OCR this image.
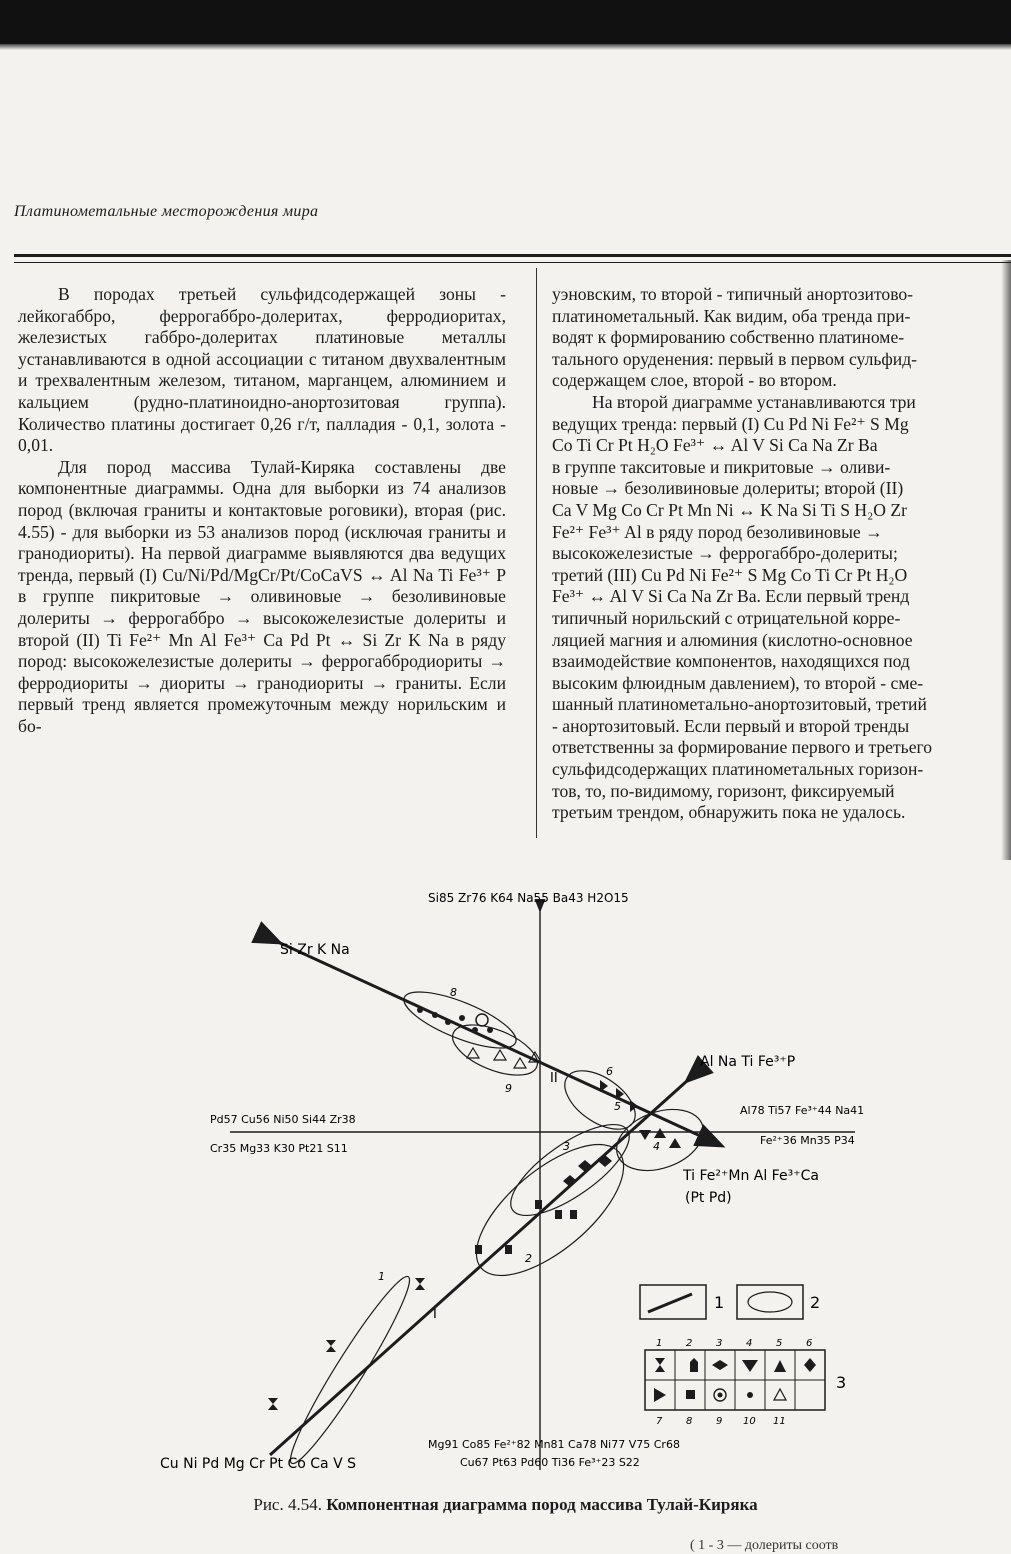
Платинометальные месторождения мира

В породах третьей сульфидсодержащей зоны - лейкогаббро, феррогаббро-долеритах, ферродиоритах, железистых габбро-долеритах платиновые металлы устанавливаются в одной ассоциации с титаном двухвалентным и трехвалентным железом, титаном, марганцем, алюминием и кальцием (рудно-платиноидно-анортозитовая группа). Количество платины достигает 0,26 г/т, палладия - 0,1, золота - 0,01.

Для пород массива Тулай-Киряка составлены две компонентные диаграммы. Одна для выборки из 74 анализов пород (включая граниты и контактовые роговики), вторая (рис. 4.55) - для выборки из 53 анализов пород (исключая граниты и гранодиориты). На первой диаграмме выявляются два ведущих тренда, первый (I) Cu/Ni/Pd/MgCr/Pt/CoCaVS ↔ Al Na Ti Fe³⁺ P в группе пикритовые → оливиновые → безоливиновые долериты → феррогаббро → высокожелезистые долериты и второй (II) Ti Fe²⁺ Mn Al Fe³⁺ Ca Pd Pt ↔ Si Zr K Na в ряду пород: высокожелезистые долериты → феррогаббродиориты → ферродиориты → диориты → гранодиориты → граниты. Если первый тренд является промежуточным между норильским и бо-

уэновским, то второй - типичный анортозитово-

платинометальный. Как видим, оба тренда при-

водят к формированию собственно платиноме-

тального оруденения: первый в первом сульфид-

содержащем слое, второй - во втором.

На второй диаграмме устанавливаются три

ведущих тренда: первый (I) Cu Pd Ni Fe²⁺ S Mg

Co Ti Cr Pt H₂O Fe³⁺ ↔ Al V Si Ca Na Zr Ba

в группе такситовые и пикритовые → оливи-

новые → безоливиновые долериты; второй (II)

Ca V Mg Co Cr Pt Mn Ni ↔ K Na Si Ti S H₂O Zr

Fe²⁺ Fe³⁺ Al в ряду пород безоливиновые →

высокожелезистые → феррогаббро-долериты;

третий (III) Cu Pd Ni Fe²⁺ S Mg Co Ti Cr Pt H₂O

Fe³⁺ ↔ Al V Si Ca Na Zr Ba. Если первый тренд

типичный норильский с отрицательной корре-

ляцией магния и алюминия (кислотно-основное

взаимодействие компонентов, находящихся под

высоким флюидным давлением), то второй - сме-

шанный платинометально-анортозитовый, третий

- анортозитовый. Если первый и второй тренды

ответственны за формирование первого и третьего

сульфидсодержащих платинометальных горизон-

тов, то, по-видимому, горизонт, фиксируемый

третьим трендом, обнаружить пока не удалось.

Si85 Zr76 K64 Na55 Ba43 H2O15
Si Zr K Na
Pd57 Cu56 Ni50 Si44 Zr38
Cr35 Mg33 K30 Pt21 S11
Al Na Ti Fe³⁺P
Al78 Ti57 Fe³⁺44 Na41
Fe²⁺36 Mn35 P34
Ti Fe²⁺Mn Al Fe³⁺Ca
(Pt Pd)
Cu Ni Pd Mg Cr Pt Co Ca V S
Mg91 Co85 Fe²⁺82 Mn81 Ca78 Ni77 V75 Cr68
Cu67 Pt63 Pd60 Ti36 Fe³⁺23 S22
I
II
1
2
3	4
5
6
8
9
1	2
3
1 2 3 4 5 6
7 8 9 10 11
Рис. 4.54. Компонентная диаграмма пород массива Тулай-Киряка
( 1 - 3 — долериты соотв
